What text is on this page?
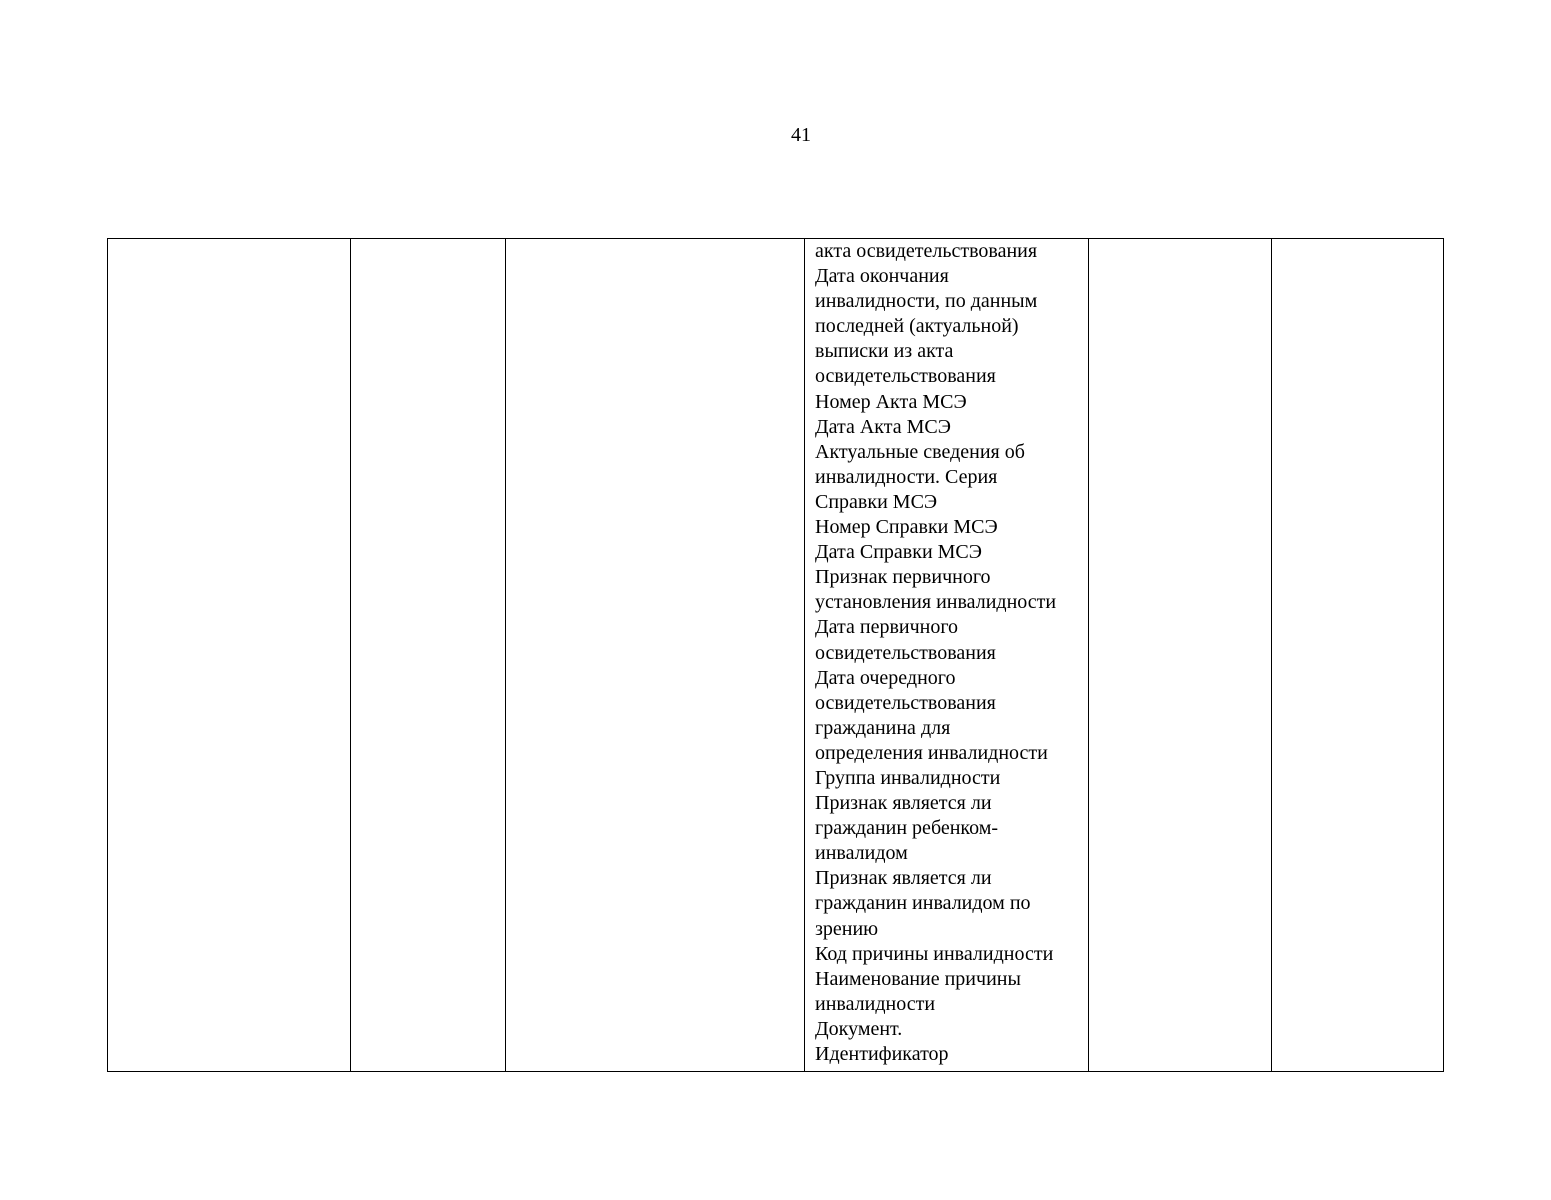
41

акта освидетельствования
Дата окончания
инвалидности, по данным
последней (актуальной)
выписки из акта
освидетельствования
Номер Акта МСЭ
Дата Акта МСЭ
Актуальные сведения об
инвалидности. Серия
Справки МСЭ
Номер Справки МСЭ
Дата Справки МСЭ
Признак первичного
установления инвалидности
Дата первичного
освидетельствования
Дата очередного
освидетельствования
гражданина для
определения инвалидности
Группа инвалидности
Признак является ли
гражданин ребенком-
инвалидом
Признак является ли
гражданин инвалидом по
зрению
Код причины инвалидности
Наименование причины
инвалидности
Документ.
Идентификатор
